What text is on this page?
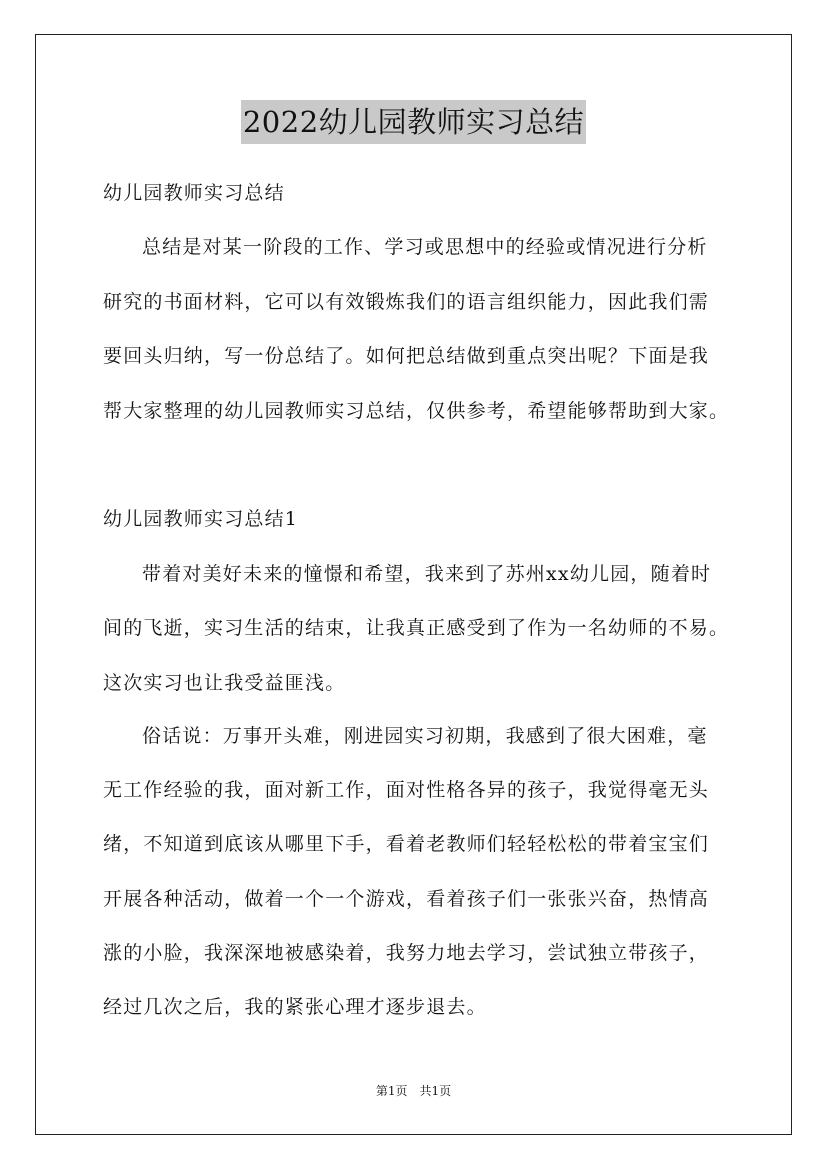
2022幼儿园教师实习总结
幼儿园教师实习总结
总结是对某一阶段的工作、学习或思想中的经验或情况进行分析
研究的书面材料，它可以有效锻炼我们的语言组织能力，因此我们需
要回头归纳，写一份总结了。如何把总结做到重点突出呢？下面是我
帮大家整理的幼儿园教师实习总结，仅供参考，希望能够帮助到大家。
幼儿园教师实习总结1
带着对美好未来的憧憬和希望，我来到了苏州xx幼儿园，随着时
间的飞逝，实习生活的结束，让我真正感受到了作为一名幼师的不易。
这次实习也让我受益匪浅。
俗话说：万事开头难，刚进园实习初期，我感到了很大困难，毫
无工作经验的我，面对新工作，面对性格各异的孩子，我觉得毫无头
绪，不知道到底该从哪里下手，看着老教师们轻轻松松的带着宝宝们
开展各种活动，做着一个一个游戏，看着孩子们一张张兴奋，热情高
涨的小脸，我深深地被感染着，我努力地去学习，尝试独立带孩子，
经过几次之后，我的紧张心理才逐步退去。
第1页 共1页
